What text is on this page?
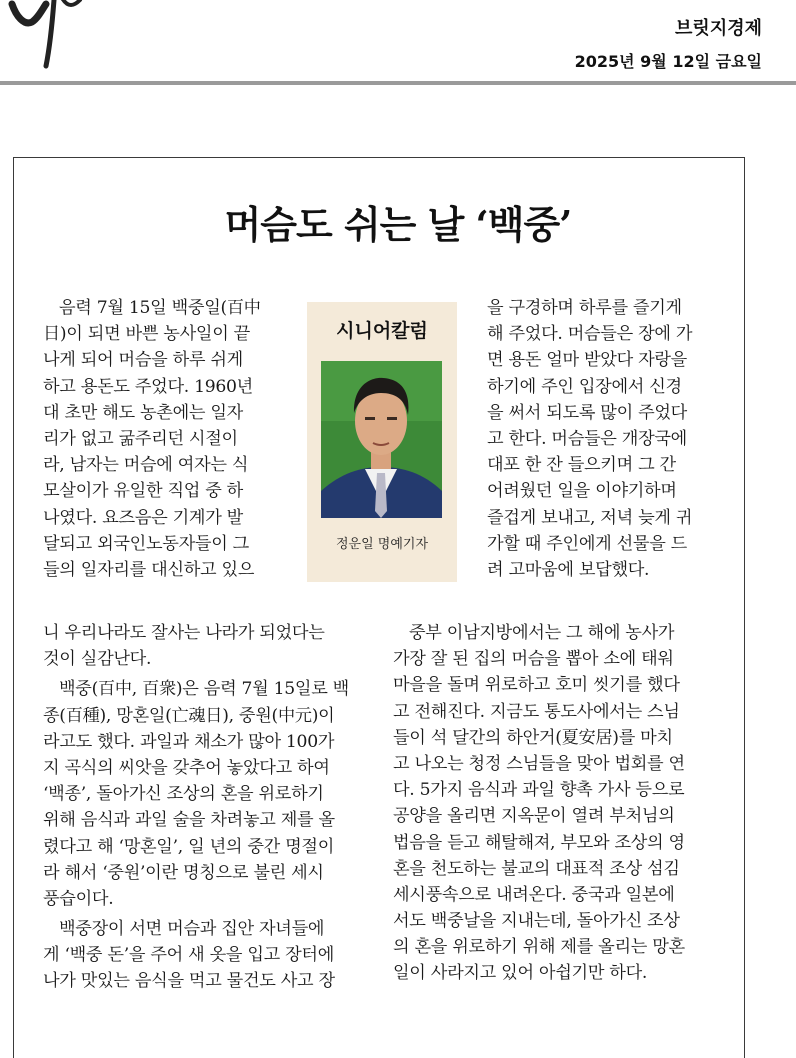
브릿지경제
2025년 9월 12일 금요일
머슴도 쉬는 날 ‘백중’
음력 7월 15일 백중일(百中
日)이 되면 바쁜 농사일이 끝
나게 되어 머슴을 하루 쉬게
하고 용돈도 주었다. 1960년
대 초만 해도 농촌에는 일자
리가 없고 굶주리던 시절이
라, 남자는 머슴에 여자는 식
모살이가 유일한 직업 중 하
나였다. 요즈음은 기계가 발
달되고 외국인노동자들이 그
들의 일자리를 대신하고 있으
니 우리나라도 잘사는 나라가 되었다는
것이 실감난다.
백중(百中, 百衆)은 음력 7월 15일로 백
종(百種), 망혼일(亡魂日), 중원(中元)이
라고도 했다. 과일과 채소가 많아 100가
지 곡식의 씨앗을 갖추어 놓았다고 하여
‘백종’, 돌아가신 조상의 혼을 위로하기
위해 음식과 과일 술을 차려놓고 제를 올
렸다고 해 ‘망혼일’, 일 년의 중간 명절이
라 해서 ‘중원’이란 명칭으로 불린 세시
풍습이다.
백중장이 서면 머슴과 집안 자녀들에
게 ‘백중 돈’을 주어 새 옷을 입고 장터에
나가 맛있는 음식을 먹고 물건도 사고 장
시니어칼럼
정운일 명예기자
을 구경하며 하루를 즐기게
해 주었다. 머슴들은 장에 가
면 용돈 얼마 받았다 자랑을
하기에 주인 입장에서 신경
을 써서 되도록 많이 주었다
고 한다. 머슴들은 개장국에
대포 한 잔 들으키며 그 간
어려웠던 일을 이야기하며
즐겁게 보내고, 저녁 늦게 귀
가할 때 주인에게 선물을 드
려 고마움에 보답했다.
중부 이남지방에서는 그 해에 농사가
가장 잘 된 집의 머슴을 뽑아 소에 태워
마을을 돌며 위로하고 호미 씻기를 했다
고 전해진다. 지금도 통도사에서는 스님
들이 석 달간의 하안거(夏安居)를 마치
고 나오는 청정 스님들을 맞아 법회를 연
다. 5가지 음식과 과일 향촉 가사 등으로
공양을 올리면 지옥문이 열려 부처님의
법음을 듣고 해탈해져, 부모와 조상의 영
혼을 천도하는 불교의 대표적 조상 섬김
세시풍속으로 내려온다. 중국과 일본에
서도 백중날을 지내는데, 돌아가신 조상
의 혼을 위로하기 위해 제를 올리는 망혼
일이 사라지고 있어 아쉽기만 하다.
